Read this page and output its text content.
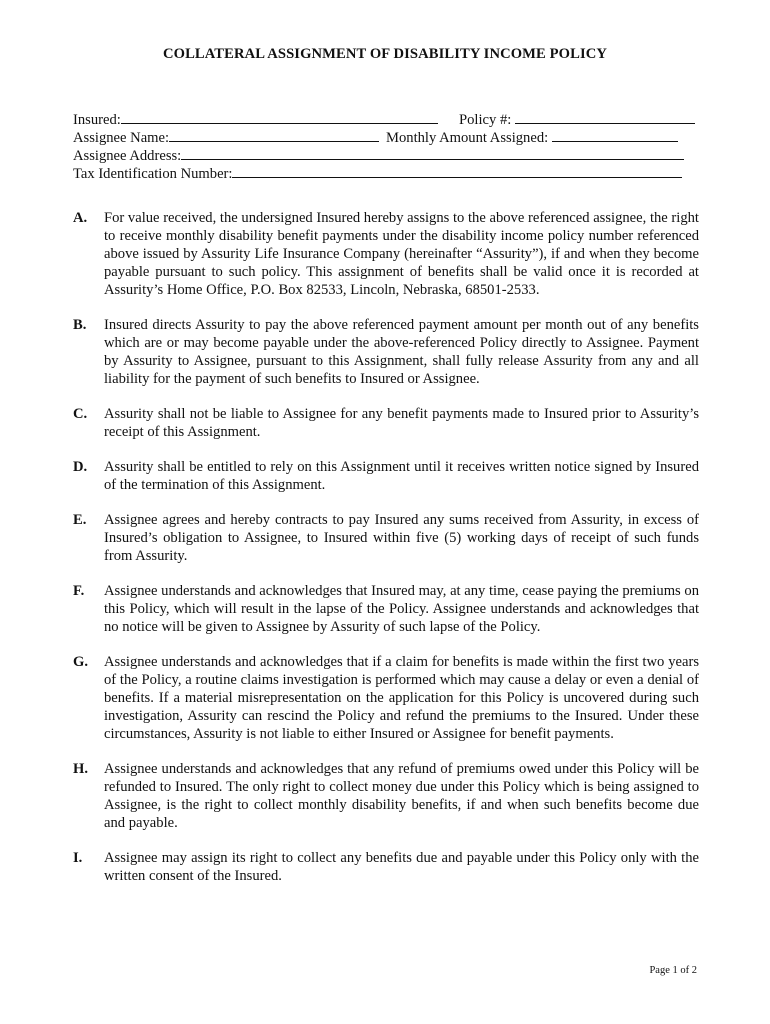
COLLATERAL ASSIGNMENT OF DISABILITY INCOME POLICY
Insured:	Policy #:
Assignee Name:	Monthly Amount Assigned:
Assignee Address:
Tax Identification Number:
A.	For value received, the undersigned Insured hereby assigns to the above referenced assignee, the right to receive monthly disability benefit payments under the disability income policy number referenced above issued by Assurity Life Insurance Company (hereinafter “Assurity”), if and when they become payable pursuant to such policy. This assignment of benefits shall be valid once it is recorded at Assurity’s Home Office, P.O. Box 82533, Lincoln, Nebraska, 68501-2533.
B.	Insured directs Assurity to pay the above referenced payment amount per month out of any benefits which are or may become payable under the above-referenced Policy directly to Assignee. Payment by Assurity to Assignee, pursuant to this Assignment, shall fully release Assurity from any and all liability for the payment of such benefits to Insured or Assignee.
C.	Assurity shall not be liable to Assignee for any benefit payments made to Insured prior to Assurity’s receipt of this Assignment.
D.	Assurity shall be entitled to rely on this Assignment until it receives written notice signed by Insured of the termination of this Assignment.
E.	Assignee agrees and hereby contracts to pay Insured any sums received from Assurity, in excess of Insured’s obligation to Assignee, to Insured within five (5) working days of receipt of such funds from Assurity.
F.	Assignee understands and acknowledges that Insured may, at any time, cease paying the premiums on this Policy, which will result in the lapse of the Policy. Assignee understands and acknowledges that no notice will be given to Assignee by Assurity of such lapse of the Policy.
G.	Assignee understands and acknowledges that if a claim for benefits is made within the first two years of the Policy, a routine claims investigation is performed which may cause a delay or even a denial of benefits. If a material misrepresentation on the application for this Policy is uncovered during such investigation, Assurity can rescind the Policy and refund the premiums to the Insured. Under these circumstances, Assurity is not liable to either Insured or Assignee for benefit payments.
H.	Assignee understands and acknowledges that any refund of premiums owed under this Policy will be refunded to Insured. The only right to collect money due under this Policy which is being assigned to Assignee, is the right to collect monthly disability benefits, if and when such benefits become due and payable.
I.	Assignee may assign its right to collect any benefits due and payable under this Policy only with the written consent of the Insured.
Page 1 of 2
